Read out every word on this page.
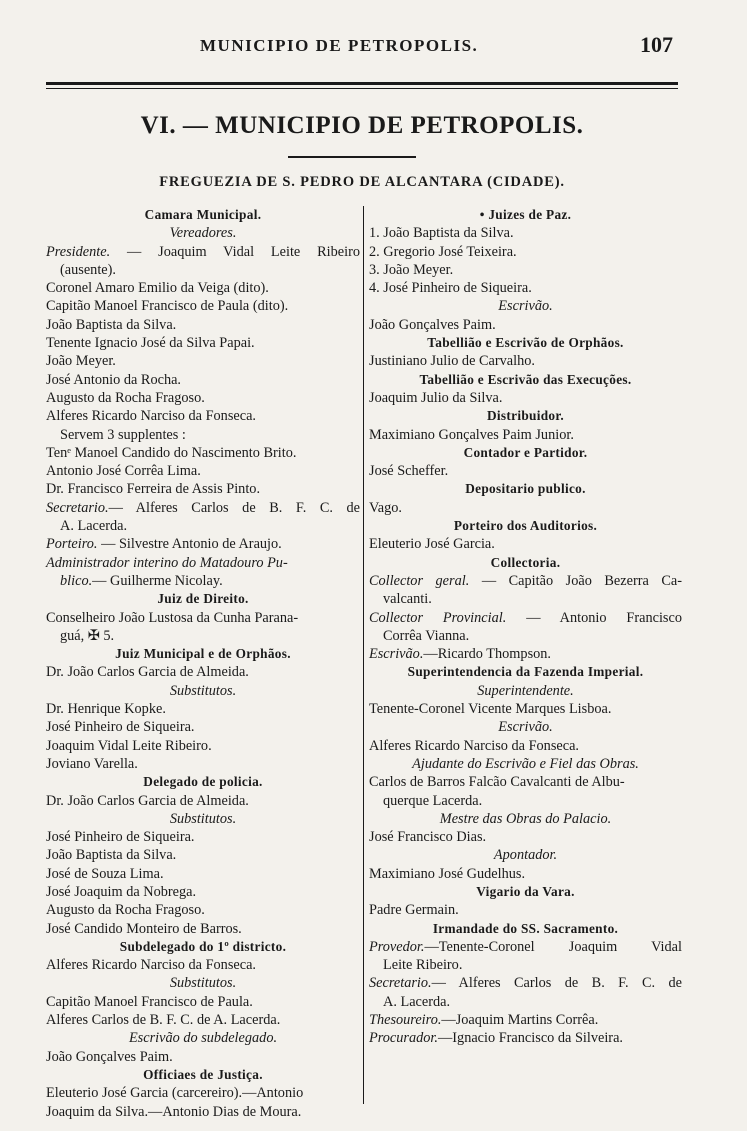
MUNICIPIO DE PETROPOLIS.	107
VI. — MUNICIPIO DE PETROPOLIS.
FREGUEZIA DE S. PEDRO DE ALCANTARA (CIDADE).
Camara Municipal.
Vereadores.
Presidente. — Joaquim Vidal Leite Ribeiro
(ausente).
Coronel Amaro Emilio da Veiga (dito).
Capitão Manoel Francisco de Paula (dito).
João Baptista da Silva.
Tenente Ignacio José da Silva Papai.
João Meyer.
José Antonio da Rocha.
Augusto da Rocha Fragoso.
Alferes Ricardo Narciso da Fonseca.
Servem 3 supplentes :
Tenᵉ Manoel Candido do Nascimento Brito.
Antonio José Corrêa Lima.
Dr. Francisco Ferreira de Assis Pinto.
Secretario.— Alferes Carlos de B. F. C. de
A. Lacerda.
Porteiro. — Silvestre Antonio de Araujo.
Administrador interino do Matadouro Pu-
blico.— Guilherme Nicolay.
Juiz de Direito.
Conselheiro João Lustosa da Cunha Parana-
guá, ✠ 5.
Juiz Municipal e de Orphãos.
Dr. João Carlos Garcia de Almeida.
Substitutos.
Dr. Henrique Kopke.
José Pinheiro de Siqueira.
Joaquim Vidal Leite Ribeiro.
Joviano Varella.
Delegado de policia.
Dr. João Carlos Garcia de Almeida.
Substitutos.
José Pinheiro de Siqueira.
João Baptista da Silva.
José de Souza Lima.
José Joaquim da Nobrega.
Augusto da Rocha Fragoso.
José Candido Monteiro de Barros.
Subdelegado do 1º districto.
Alferes Ricardo Narciso da Fonseca.
Substitutos.
Capitão Manoel Francisco de Paula.
Alferes Carlos de B. F. C. de A. Lacerda.
Escrivão do subdelegado.
João Gonçalves Paim.
Officiaes de Justiça.
Eleuterio José Garcia (carcereiro).—Antonio
Joaquim da Silva.—Antonio Dias de Moura.
• Juizes de Paz.
1. João Baptista da Silva.
2. Gregorio José Teixeira.
3. João Meyer.
4. José Pinheiro de Siqueira.
Escrivão.
João Gonçalves Paim.
Tabellião e Escrivão de Orphãos.
Justiniano Julio de Carvalho.
Tabellião e Escrivão das Execuções.
Joaquim Julio da Silva.
Distribuidor.
Maximiano Gonçalves Paim Junior.
Contador e Partidor.
José Scheffer.
Depositario publico.
Vago.
Porteiro dos Auditorios.
Eleuterio José Garcia.
Collectoria.
Collector geral. — Capitão João Bezerra Ca-
valcanti.
Collector Provincial. — Antonio Francisco
Corrêa Vianna.
Escrivão.—Ricardo Thompson.
Superintendencia da Fazenda Imperial.
Superintendente.
Tenente-Coronel Vicente Marques Lisboa.
Escrivão.
Alferes Ricardo Narciso da Fonseca.
Ajudante do Escrivão e Fiel das Obras.
Carlos de Barros Falcão Cavalcanti de Albu-
querque Lacerda.
Mestre das Obras do Palacio.
José Francisco Dias.
Apontador.
Maximiano José Gudelhus.
Vigario da Vara.
Padre Germain.
Irmandade do SS. Sacramento.
Provedor.—Tenente-Coronel Joaquim Vidal
Leite Ribeiro.
Secretario.— Alferes Carlos de B. F. C. de
A. Lacerda.
Thesoureiro.—Joaquim Martins Corrêa.
Procurador.—Ignacio Francisco da Silveira.
